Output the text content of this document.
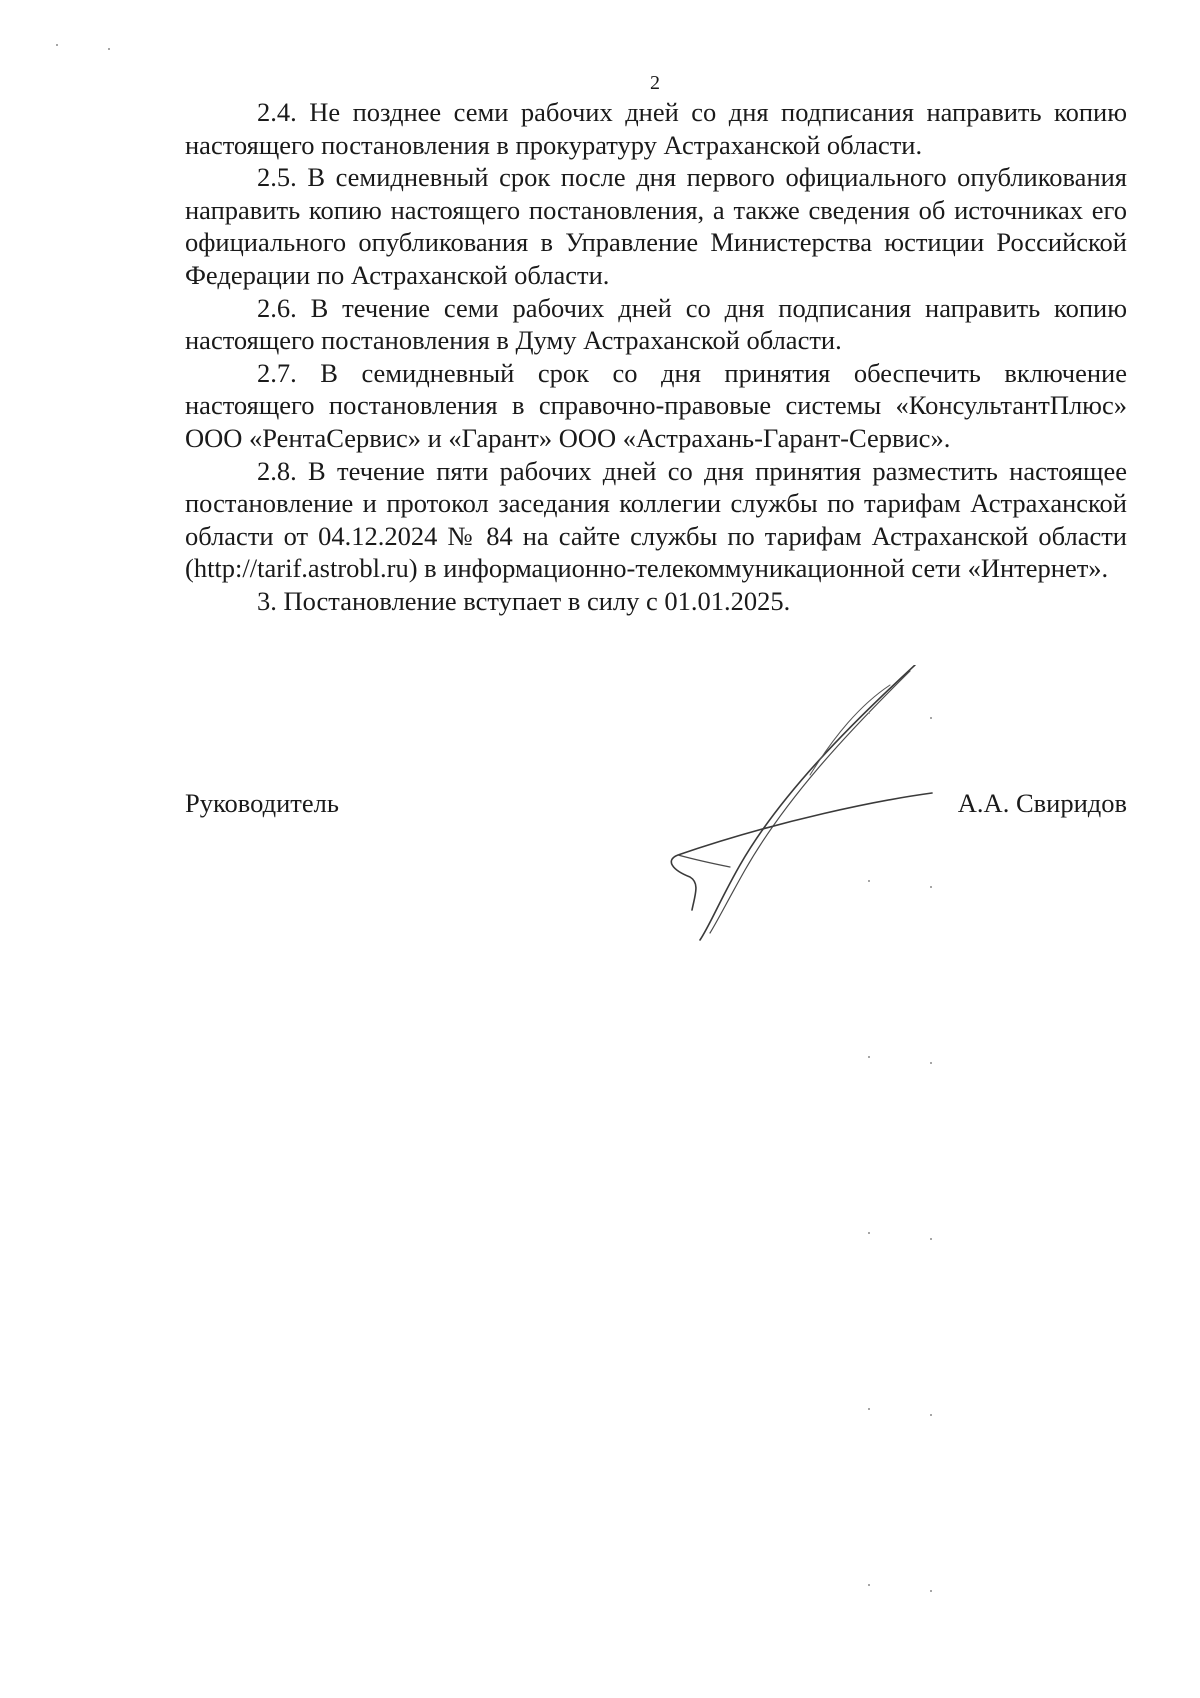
2

2.4. Не позднее семи рабочих дней со дня подписания направить копию настоящего постановления в прокуратуру Астраханской области.

2.5. В семидневный срок после дня первого официального опубликования направить копию настоящего постановления, а также сведения об источниках его официального опубликования в Управление Министерства юстиции Российской Федерации по Астраханской области.

2.6. В течение семи рабочих дней со дня подписания направить копию настоящего постановления в Думу Астраханской области.

2.7. В семидневный срок со дня принятия обеспечить включение настоящего постановления в справочно-правовые системы «КонсультантПлюс» ООО «РентаСервис» и «Гарант» ООО «Астрахань-Гарант-Сервис».

2.8. В течение пяти рабочих дней со дня принятия разместить настоящее постановление и протокол заседания коллегии службы по тарифам Астраханской области от 04.12.2024 № 84 на сайте службы по тарифам Астраханской области (http://tarif.astrobl.ru) в информационно-телекоммуникационной сети «Интернет».

3. Постановление вступает в силу с 01.01.2025.

Руководитель	А.А. Свиридов
